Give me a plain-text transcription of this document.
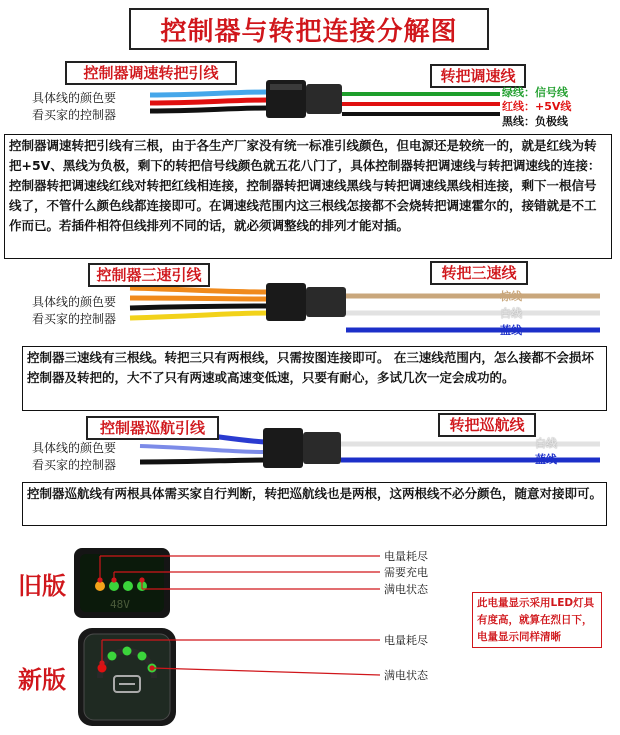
控制器与转把连接分解图
控制器调速转把引线	转把调速线
具体线的颜色要
看买家的控制器
绿线：信号线
红线：+5V线
黑线：负极线
控制器调速转把引线有三根，由于各生产厂家没有统一标准引线颜色，但电源还是较统一的，就是红线为转把+5V、黑线为负极，剩下的转把信号线颜色就五花八门了，具体控制器转把调速线与转把调速线的连接：控制器转把调速线红线对转把红线相连接，控制器转把调速线黑线与转把调速线黑线相连接，剩下一根信号线了，不管什么颜色线都连接即可。在调速线范围内这三根线怎接都不会烧转把调速霍尔的，接错就是不工作而已。若插件相符但线排列不同的话，就必须调整线的排列才能对插。
控制器三速引线	转把三速线
具体线的颜色要
看买家的控制器
棕线
白线
蓝线
控制器三速线有三根线。转把三只有两根线，只需按图连接即可。 在三速线范围内，怎么接都不会损坏控制器及转把的，大不了只有两速或高速变低速，只要有耐心，多试几次一定会成功的。
控制器巡航引线	转把巡航线
具体线的颜色要
看买家的控制器
白线
蓝线
控制器巡航线有两根具体需买家自行判断，转把巡航线也是两根，这两根线不必分颜色，随意对接即可。
旧版
48V
电量耗尽
需要充电
满电状态
新版
电量耗尽
满电状态
此电量显示采用LED灯具有度高，就算在烈日下，电量显示同样清晰
